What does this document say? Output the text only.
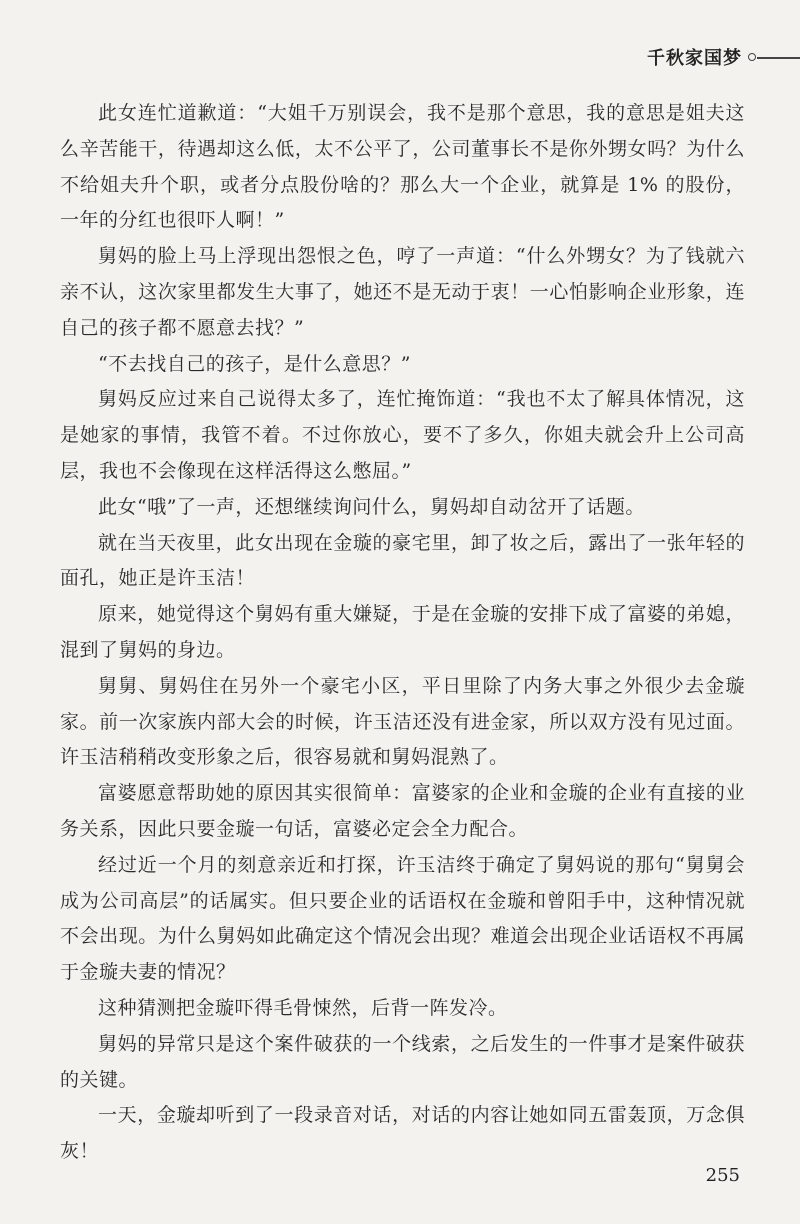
千秋家国梦

此女连忙道歉道：“大姐千万别误会，我不是那个意思，我的意思是姐夫这么辛苦能干，待遇却这么低，太不公平了，公司董事长不是你外甥女吗？为什么不给姐夫升个职，或者分点股份啥的？那么大一个企业，就算是 1% 的股份，一年的分红也很吓人啊！”

舅妈的脸上马上浮现出怨恨之色，哼了一声道：“什么外甥女？为了钱就六亲不认，这次家里都发生大事了，她还不是无动于衷！一心怕影响企业形象，连自己的孩子都不愿意去找？”

“不去找自己的孩子，是什么意思？”

舅妈反应过来自己说得太多了，连忙掩饰道：“我也不太了解具体情况，这是她家的事情，我管不着。不过你放心，要不了多久，你姐夫就会升上公司高层，我也不会像现在这样活得这么憋屈。”

此女“哦”了一声，还想继续询问什么，舅妈却自动岔开了话题。

就在当天夜里，此女出现在金璇的豪宅里，卸了妆之后，露出了一张年轻的面孔，她正是许玉洁！

原来，她觉得这个舅妈有重大嫌疑，于是在金璇的安排下成了富婆的弟媳，混到了舅妈的身边。

舅舅、舅妈住在另外一个豪宅小区，平日里除了内务大事之外很少去金璇家。前一次家族内部大会的时候，许玉洁还没有进金家，所以双方没有见过面。许玉洁稍稍改变形象之后，很容易就和舅妈混熟了。

富婆愿意帮助她的原因其实很简单：富婆家的企业和金璇的企业有直接的业务关系，因此只要金璇一句话，富婆必定会全力配合。

经过近一个月的刻意亲近和打探，许玉洁终于确定了舅妈说的那句“舅舅会成为公司高层”的话属实。但只要企业的话语权在金璇和曾阳手中，这种情况就不会出现。为什么舅妈如此确定这个情况会出现？难道会出现企业话语权不再属于金璇夫妻的情况？

这种猜测把金璇吓得毛骨悚然，后背一阵发冷。

舅妈的异常只是这个案件破获的一个线索，之后发生的一件事才是案件破获的关键。

一天，金璇却听到了一段录音对话，对话的内容让她如同五雷轰顶，万念俱灰！

255
